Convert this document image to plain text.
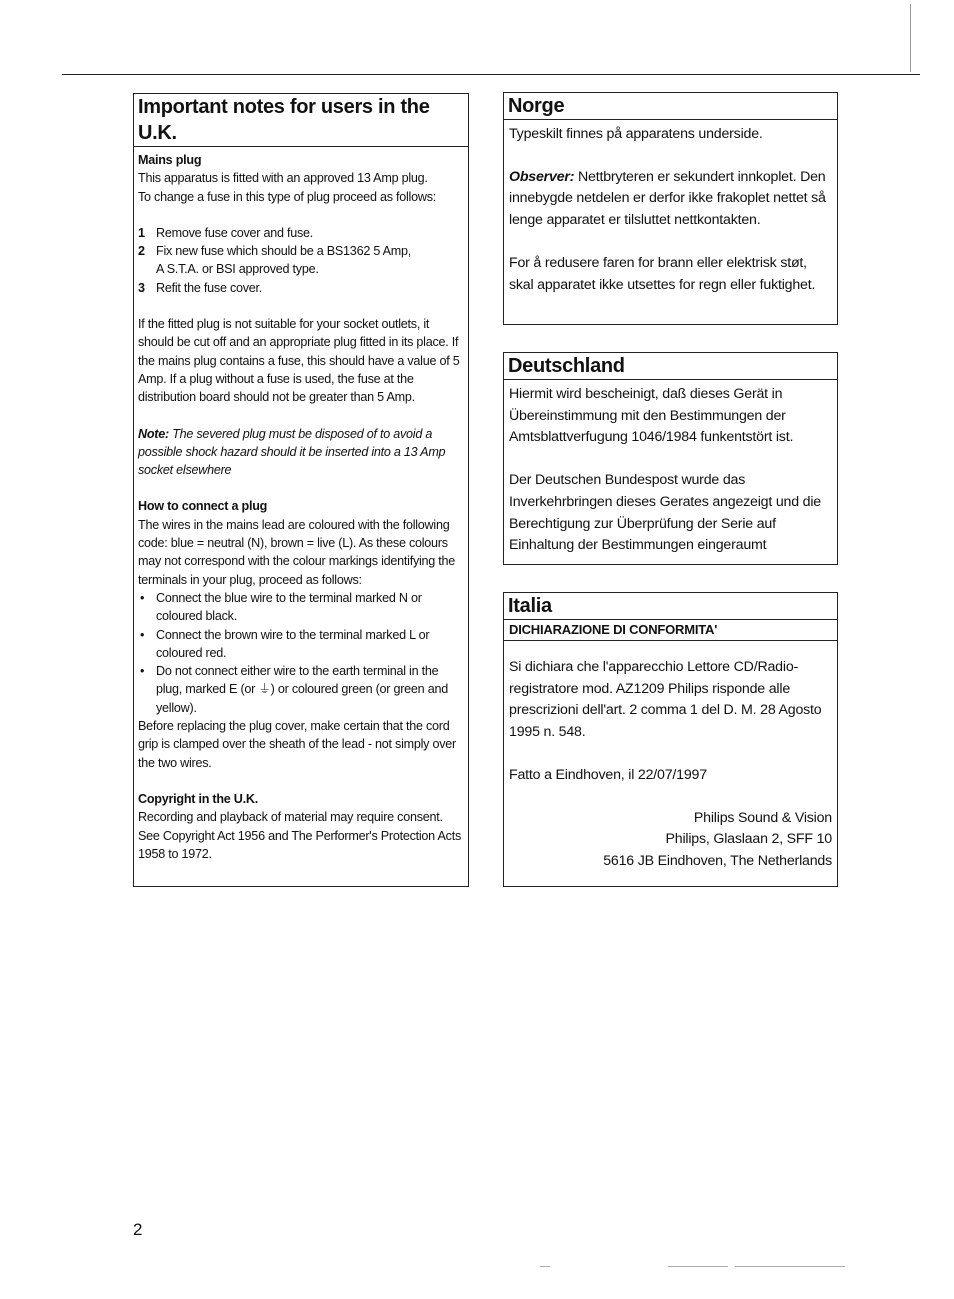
Important notes for users in the U.K.
Mains plug
This apparatus is fitted with an approved 13 Amp plug.
To change a fuse in this type of plug proceed as follows:
1 Remove fuse cover and fuse.
2 Fix new fuse which should be a BS1362 5 Amp,
A S.T.A. or BSI approved type.
3 Refit the fuse cover.
If the fitted plug is not suitable for your socket outlets, it should be cut off and an appropriate plug fitted in its place. If the mains plug contains a fuse, this should have a value of 5 Amp. If a plug without a fuse is used, the fuse at the distribution board should not be greater than 5 Amp.
Note: The severed plug must be disposed of to avoid a possible shock hazard should it be inserted into a 13 Amp socket elsewhere
How to connect a plug
The wires in the mains lead are coloured with the following code: blue = neutral (N), brown = live (L). As these colours may not correspond with the colour markings identifying the terminals in your plug, proceed as follows:
• Connect the blue wire to the terminal marked N or coloured black.
• Connect the brown wire to the terminal marked L or coloured red.
• Do not connect either wire to the earth terminal in the plug, marked E (or ⏚) or coloured green (or green and yellow).
Before replacing the plug cover, make certain that the cord grip is clamped over the sheath of the lead - not simply over the two wires.
Copyright in the U.K.
Recording and playback of material may require consent. See Copyright Act 1956 and The Performer's Protection Acts 1958 to 1972.
Norge
Typeskilt finnes på apparatens underside.
Observer: Nettbryteren er sekundert innkoplet. Den innebygde netdelen er derfor ikke frakoplet nettet så lenge apparatet er tilsluttet nettkontakten.
For å redusere faren for brann eller elektrisk støt, skal apparatet ikke utsettes for regn eller fuktighet.
Deutschland
Hiermit wird bescheinigt, daß dieses Gerät in Übereinstimmung mit den Bestimmungen der Amtsblattverfugung 1046/1984 funkentstört ist.
Der Deutschen Bundespost wurde das Inverkehrbringen dieses Gerates angezeigt und die Berechtigung zur Überprüfung der Serie auf Einhaltung der Bestimmungen eingeraumt
Italia
DICHIARAZIONE DI CONFORMITA'
Si dichiara che l'apparecchio Lettore CD/Radio-registratore mod. AZ1209 Philips risponde alle prescrizioni dell'art. 2 comma 1 del D. M. 28 Agosto 1995 n. 548.
Fatto a Eindhoven, il 22/07/1997
Philips Sound & Vision
Philips, Glaslaan 2, SFF 10
5616 JB Eindhoven, The Netherlands
2
